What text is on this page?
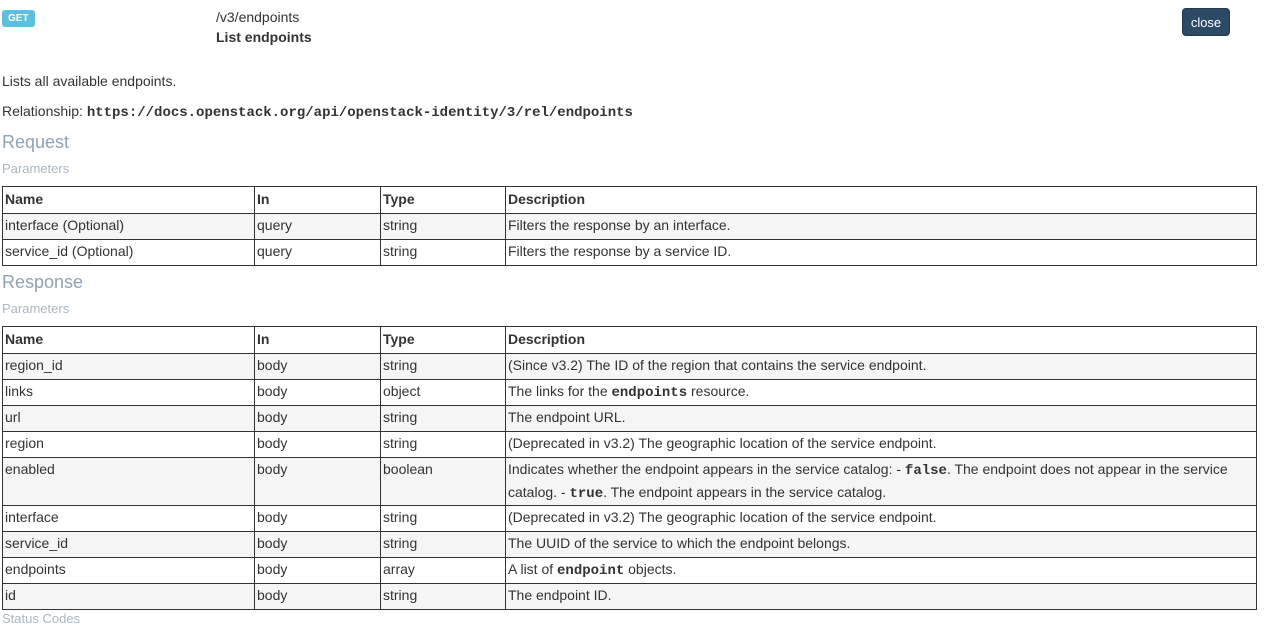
GET	/v3/endpoints
List endpoints
close
Lists all available endpoints.
Relationship: https://docs.openstack.org/api/openstack-identity/3/rel/endpoints
Request
Parameters
Name	In	Type	Description
interface (Optional)	query	string	Filters the response by an interface.
service_id (Optional)	query	string	Filters the response by a service ID.
Response
Parameters
Name	In	Type	Description
region_id	body	string	(Since v3.2) The ID of the region that contains the service endpoint.
links	body	object	The links for the endpoints resource.
url	body	string	The endpoint URL.
region	body	string	(Deprecated in v3.2) The geographic location of the service endpoint.
enabled	body	boolean	Indicates whether the endpoint appears in the service catalog: - false. The endpoint does not appear in the service catalog. - true. The endpoint appears in the service catalog.
interface	body	string	(Deprecated in v3.2) The geographic location of the service endpoint.
service_id	body	string	The UUID of the service to which the endpoint belongs.
endpoints	body	array	A list of endpoint objects.
id	body	string	The endpoint ID.
Status Codes
